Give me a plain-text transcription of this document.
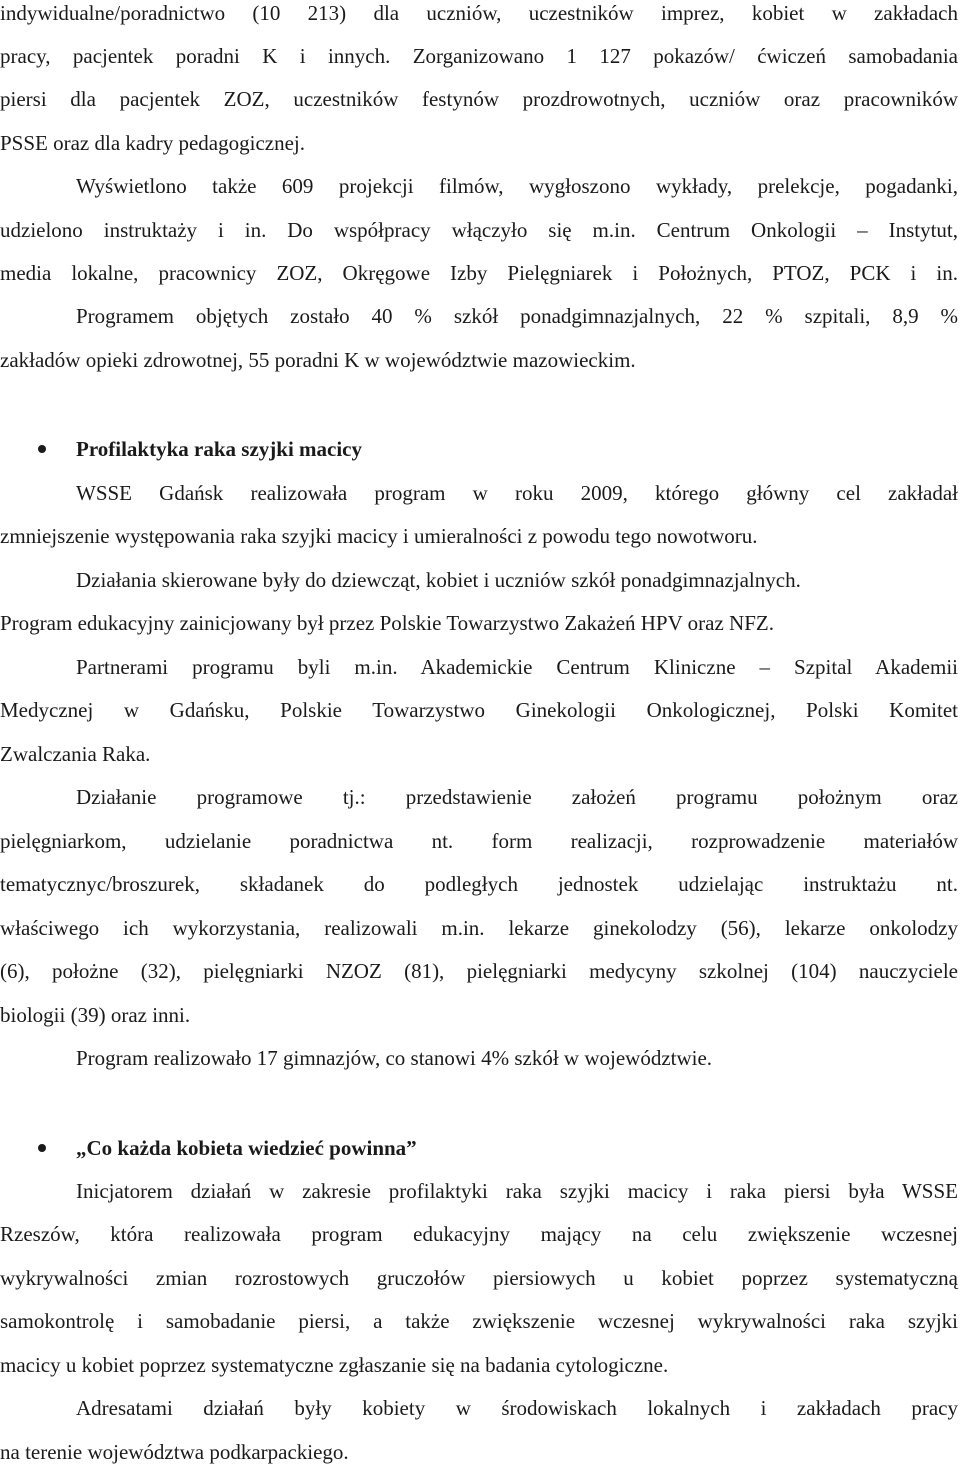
indywidualne/poradnictwo (10 213) dla uczniów, uczestników imprez, kobiet w zakładach
pracy, pacjentek poradni K i innych. Zorganizowano 1 127 pokazów/ ćwiczeń samobadania
piersi dla pacjentek ZOZ, uczestników festynów prozdrowotnych, uczniów oraz pracowników
PSSE oraz dla kadry pedagogicznej.
Wyświetlono także 609 projekcji filmów, wygłoszono wykłady, prelekcje, pogadanki,
udzielono instruktaży i in. Do współpracy włączyło się m.in. Centrum Onkologii – Instytut,
media lokalne, pracownicy ZOZ, Okręgowe Izby Pielęgniarek i Położnych, PTOZ, PCK i in.
Programem objętych zostało 40 % szkół ponadgimnazjalnych, 22 % szpitali, 8,9 %
zakładów opieki zdrowotnej, 55 poradni K w województwie mazowieckim.
Profilaktyka raka szyjki macicy
WSSE Gdańsk realizowała program w roku 2009, którego główny cel zakładał
zmniejszenie występowania raka szyjki macicy i umieralności z powodu tego nowotworu.
Działania skierowane były do dziewcząt, kobiet i uczniów szkół ponadgimnazjalnych.
Program edukacyjny zainicjowany był przez Polskie Towarzystwo Zakażeń HPV oraz NFZ.
Partnerami programu byli m.in. Akademickie Centrum Kliniczne – Szpital Akademii
Medycznej w Gdańsku, Polskie Towarzystwo Ginekologii Onkologicznej, Polski Komitet
Zwalczania Raka.
Działanie programowe tj.: przedstawienie założeń programu położnym oraz
pielęgniarkom, udzielanie poradnictwa nt. form realizacji, rozprowadzenie materiałów
tematycznyc/broszurek, składanek do podległych jednostek udzielając instruktażu nt.
właściwego ich wykorzystania, realizowali m.in. lekarze ginekolodzy (56), lekarze onkolodzy
(6), położne (32), pielęgniarki NZOZ (81), pielęgniarki medycyny szkolnej (104) nauczyciele
biologii (39) oraz inni.
Program realizowało 17 gimnazjów, co stanowi 4% szkół w województwie.
„Co każda kobieta wiedzieć powinna”
Inicjatorem działań w zakresie profilaktyki raka szyjki macicy i raka piersi była WSSE
Rzeszów, która realizowała program edukacyjny mający na celu zwiększenie wczesnej
wykrywalności zmian rozrostowych gruczołów piersiowych u kobiet poprzez systematyczną
samokontrolę i samobadanie piersi, a także zwiększenie wczesnej wykrywalności raka szyjki
macicy u kobiet poprzez systematyczne zgłaszanie się na badania cytologiczne.
Adresatami działań były kobiety w środowiskach lokalnych i zakładach pracy
na terenie województwa podkarpackiego.
